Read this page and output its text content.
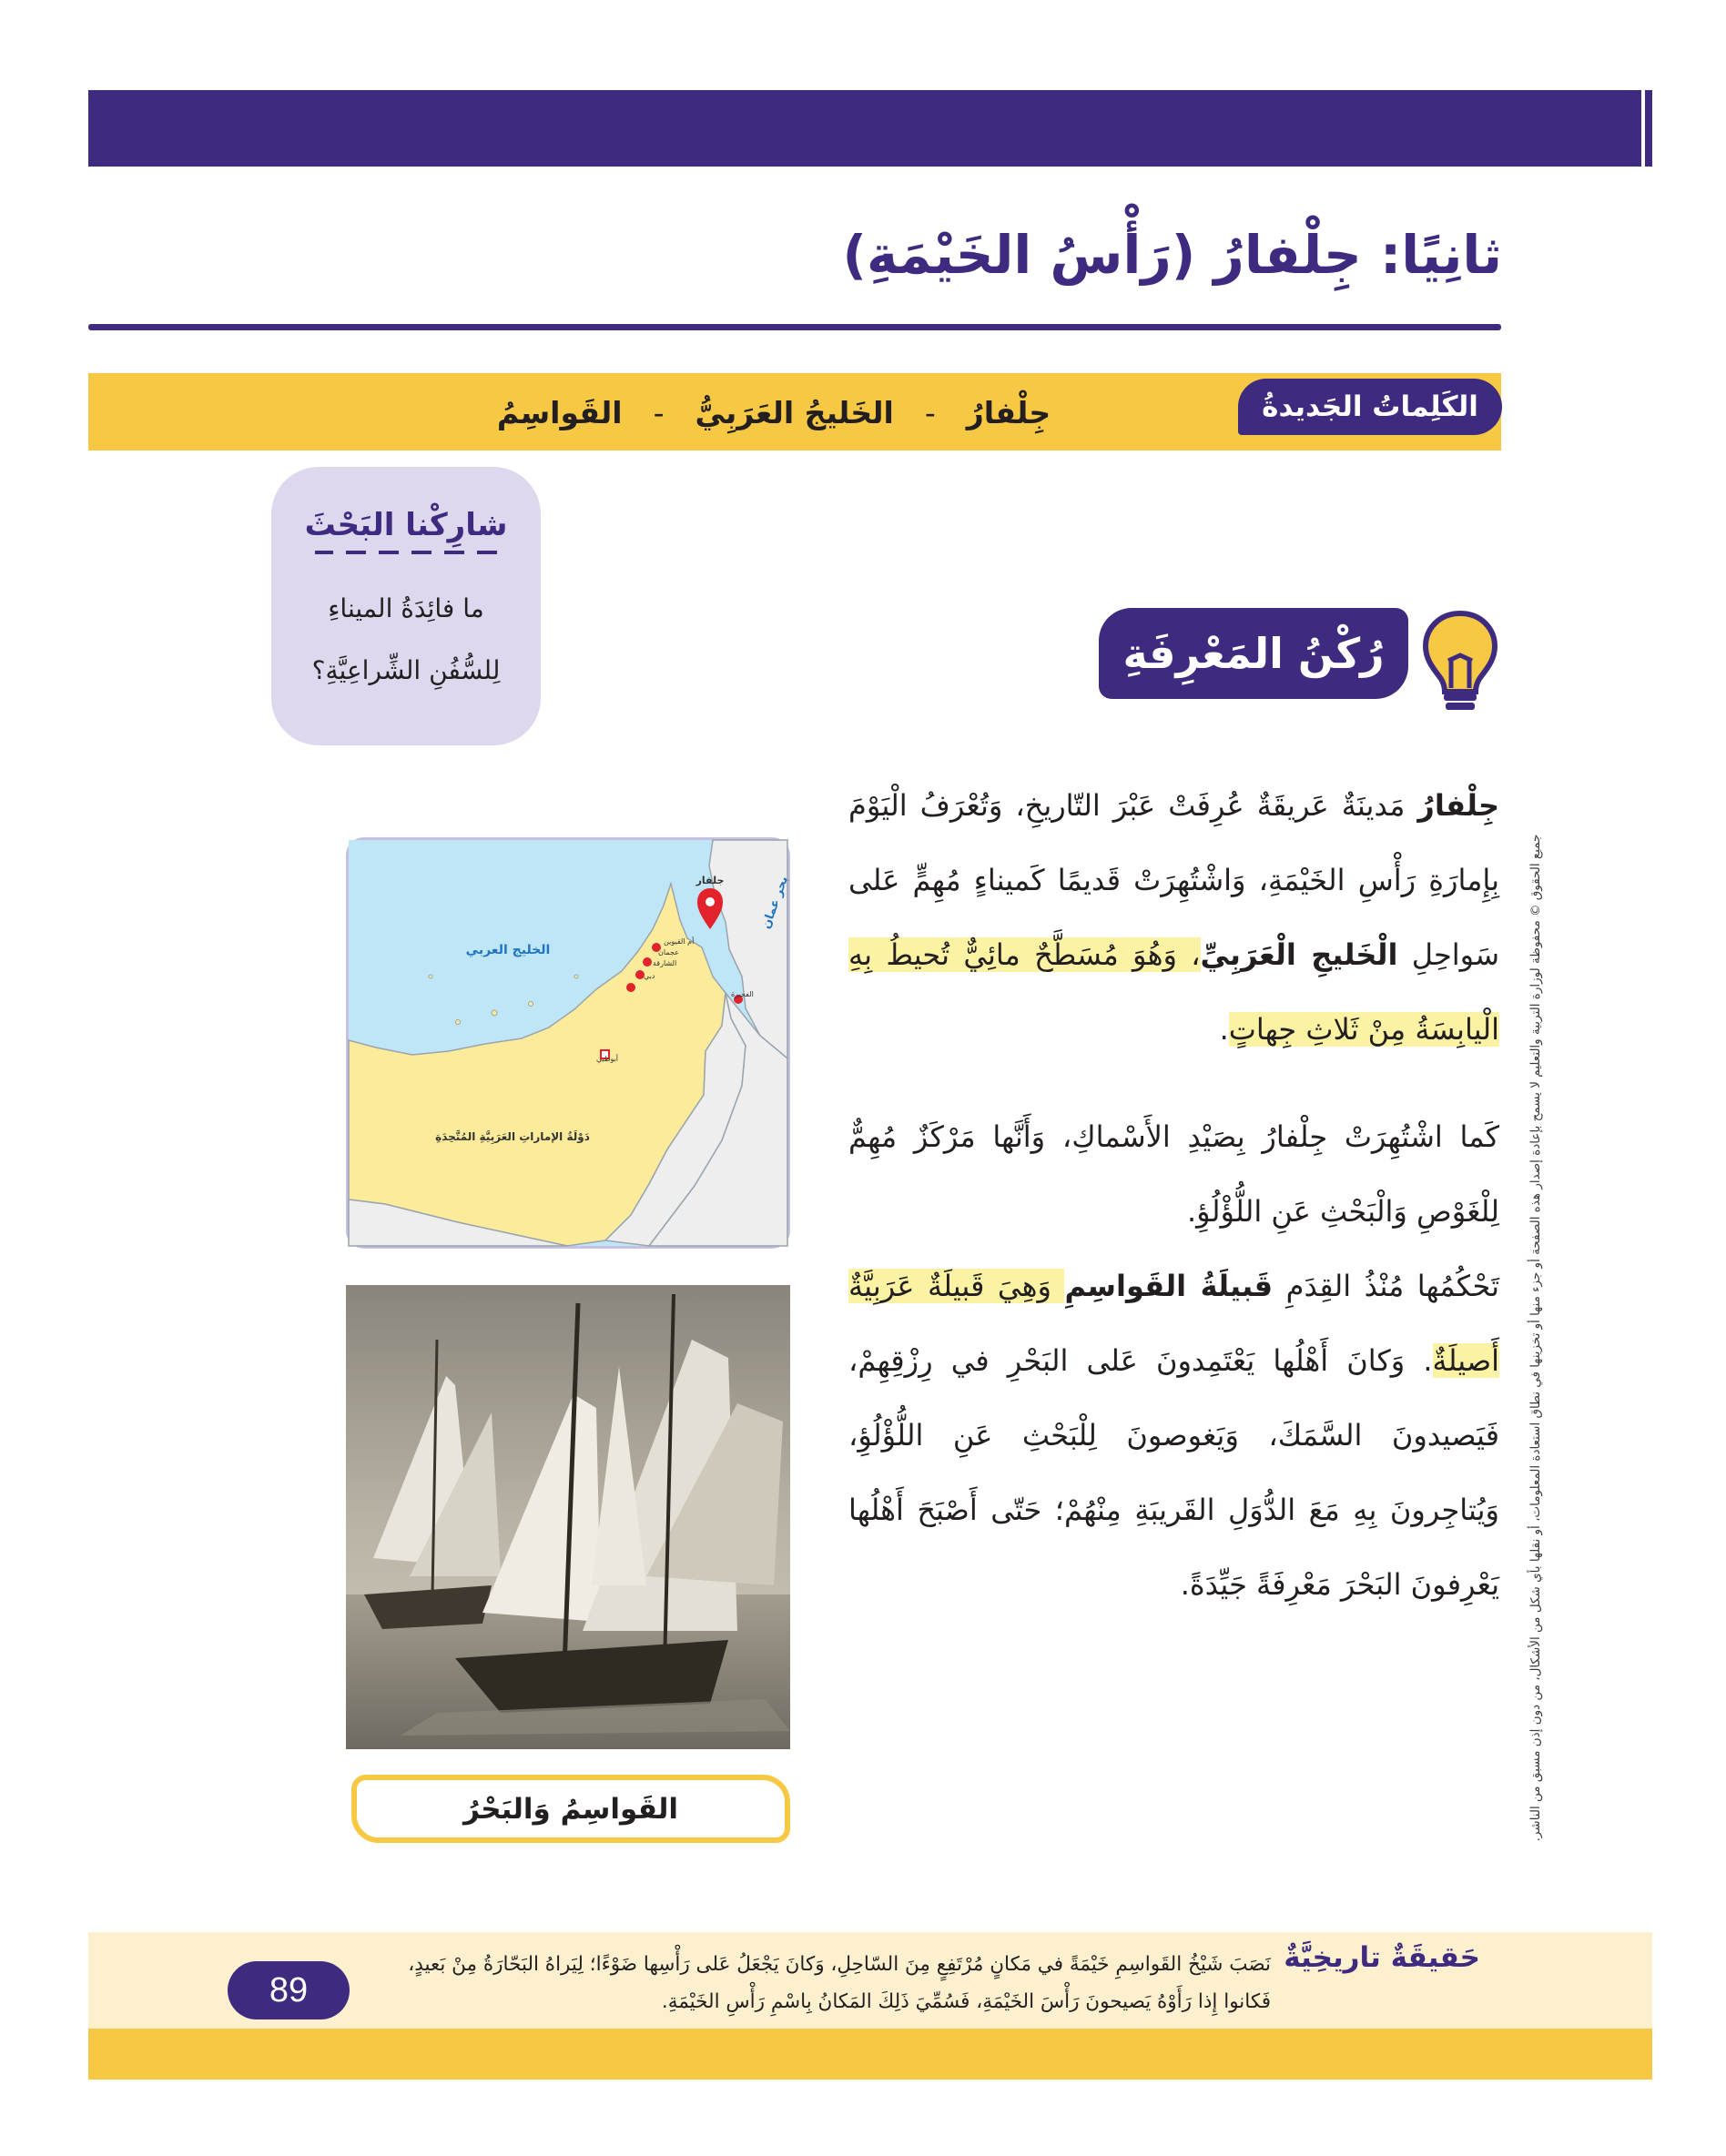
ثانِيًا: جِلْفارُ (رَأْسُ الخَيْمَةِ)
الكَلِماتُ الجَديدةُ
جِلْفارُ
-
الخَليجُ العَرَبِيُّ
-
القَواسِمُ
شارِكْنا البَحْثَ
ما فائِدَةُ الميناءِ
لِلسُّفُنِ الشِّراعِيَّةِ؟	رُكْنُ المَعْرِفَةِ
جِلْفارُ مَدينَةٌ عَريقَةٌ عُرِفَتْ عَبْرَ التّاريخِ، وَتُعْرَفُ الْيَوْمَ بِإِمارَةِ رَأْسِ الخَيْمَةِ، وَاشْتُهِرَتْ قَديمًا كَميناءٍ مُهِمٍّ عَلى سَواحِلِ الْخَليجِ الْعَرَبِيِّ، وَهُوَ مُسَطَّحٌ مائِيٌّ تُحيطُ بِهِ الْيابِسَةُ مِنْ ثَلاثِ جِهاتٍ.
كَما اشْتُهِرَتْ جِلْفارُ بِصَيْدِ الأَسْماكِ، وَأَنَّها مَرْكَزٌ مُهِمٌّ لِلْغَوْصِ وَالْبَحْثِ عَنِ اللُّؤْلُؤِ.
تَحْكُمُها مُنْذُ القِدَمِ قَبيلَةُ القَواسِمِ وَهِيَ قَبيلَةٌ عَرَبِيَّةٌ أَصيلَةٌ. وَكانَ أَهْلُها يَعْتَمِدونَ عَلى البَحْرِ في رِزْقِهِمْ، فَيَصيدونَ السَّمَكَ، وَيَغوصونَ لِلْبَحْثِ عَنِ اللُّؤْلُؤِ، وَيُتاجِرونَ بِهِ مَعَ الدُّوَلِ القَريبَةِ مِنْهُمْ؛ حَتّى أَصْبَحَ أَهْلُها يَعْرِفونَ البَحْرَ مَعْرِفَةً جَيِّدَةً.
الخليج العربي
بحر عمان
جلفار
أم القيوين
عجمان
الشارقة
دبي
الفجيرة
أبوظبي
دَوْلَةُ الإماراتِ العَرَبِيَّةِ المُتَّحِدَةِ
القَواسِمُ وَالبَحْرُ	جميع الحقوق © محفوظة لوزارة التربية والتعليم لا يسمح بإعادة إصدار هذه الصفحة أو جزء منها أو تخزينها في نطاق استعادة المعلومات، أو نقلها بأي شكل من الأشكال، من دون إذن مسبق من الناشر.
حَقيقَةٌ تاريخِيَّةٌ
نَصَبَ شَيْخُ القَواسِمِ خَيْمَةً في مَكانٍ مُرْتَفِعٍ مِنَ السّاحِلِ، وَكانَ يَجْعَلُ عَلى رَأْسِها ضَوْءًا؛ لِيَراهُ البَحّارَةُ مِنْ بَعيدٍ،
فَكانوا إِذا رَأَوْهُ يَصيحونَ رَأْسَ الخَيْمَةِ، فَسُمِّيَ ذَلِكَ المَكانُ بِاسْمِ رَأْسِ الخَيْمَةِ.
89
